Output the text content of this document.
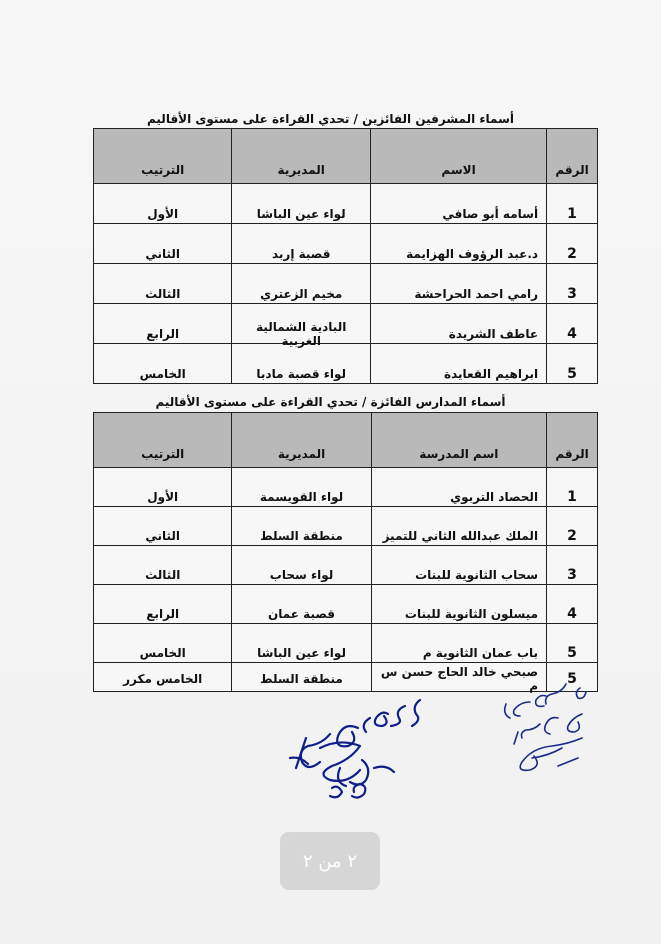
أسماء المشرفين الفائزين / تحدي القراءة على مستوى الأقاليم
الرقم	الاسم	المديرية	الترتيب
1	أسامه أبو صافي	لواء عين الباشا	الأول
2	د.عبد الرؤوف الهزايمة	قصبة إربد	الثاني
3	رامي احمد الحراحشة	مخيم الزعتري	الثالث
4	عاطف الشريدة	البادية الشمالية الغربية	الرابع
5	ابراهيم القعايدة	لواء قصبة مادبا	الخامس
أسماء المدارس الفائزة / تحدي القراءة على مستوى الأقاليم
الرقم	اسم المدرسة	المديرية	الترتيب
1	الحصاد التربوي	لواء القويسمة	الأول
2	الملك عبدالله الثاني للتميز	منطقة السلط	الثاني
3	سحاب الثانوية للبنات	لواء سحاب	الثالث
4	ميسلون الثانوية للبنات	قصبة عمان	الرابع
5	باب عمان الثانوية م	لواء عين الباشا	الخامس
5	صبحي خالد الحاج حسن س م	منطقة السلط	الخامس مكرر
٢ من ٢
